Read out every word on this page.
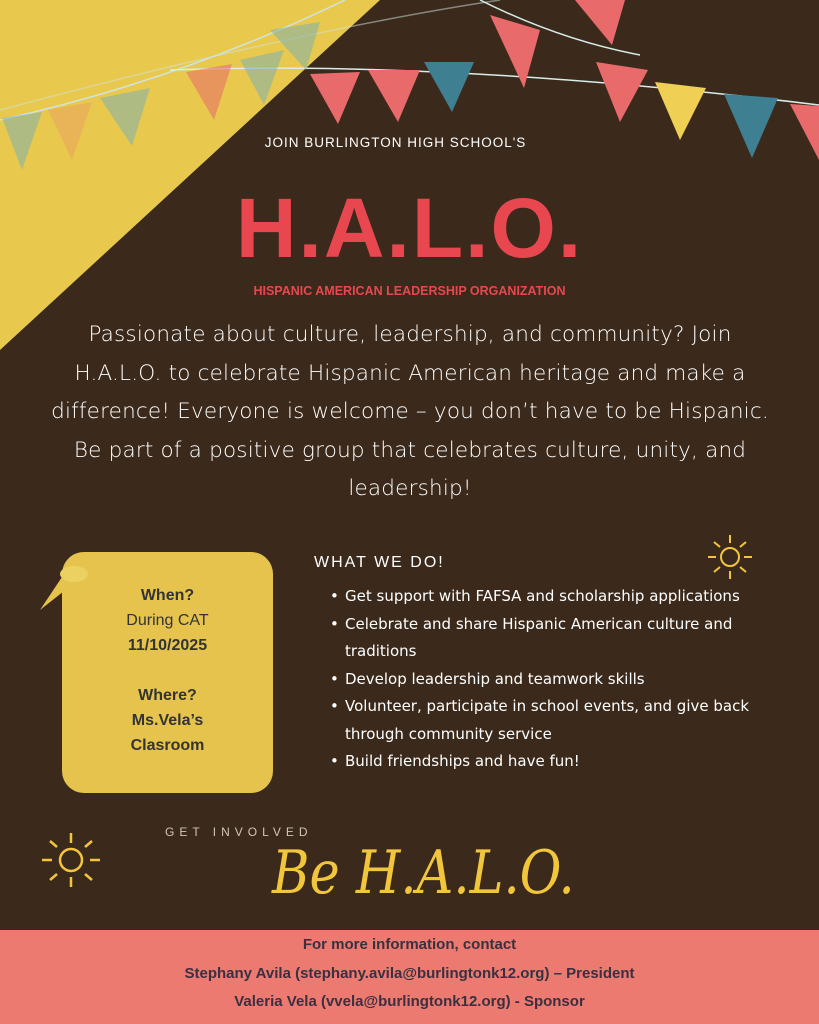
JOIN BURLINGTON HIGH SCHOOL'S
H.A.L.O.
HISPANIC AMERICAN LEADERSHIP ORGANIZATION
Passionate about culture, leadership, and community? Join H.A.L.O. to celebrate Hispanic American heritage and make a difference! Everyone is welcome – you don’t have to be Hispanic. Be part of a positive group that celebrates culture, unity, and leadership!
When?
During CAT
11/10/2025
Where?
Ms.Vela’s
Clasroom
WHAT WE DO!
• Get support with FAFSA and scholarship applications
• Celebrate and share Hispanic American culture and traditions
• Develop leadership and teamwork skills
• Volunteer, participate in school events, and give back through community service
• Build friendships and have fun!
GET INVOLVED
Be H.A.L.O.
For more information, contact
Stephany Avila (stephany.avila@burlingtonk12.org) – President
Valeria Vela (vvela@burlingtonk12.org) - Sponsor
